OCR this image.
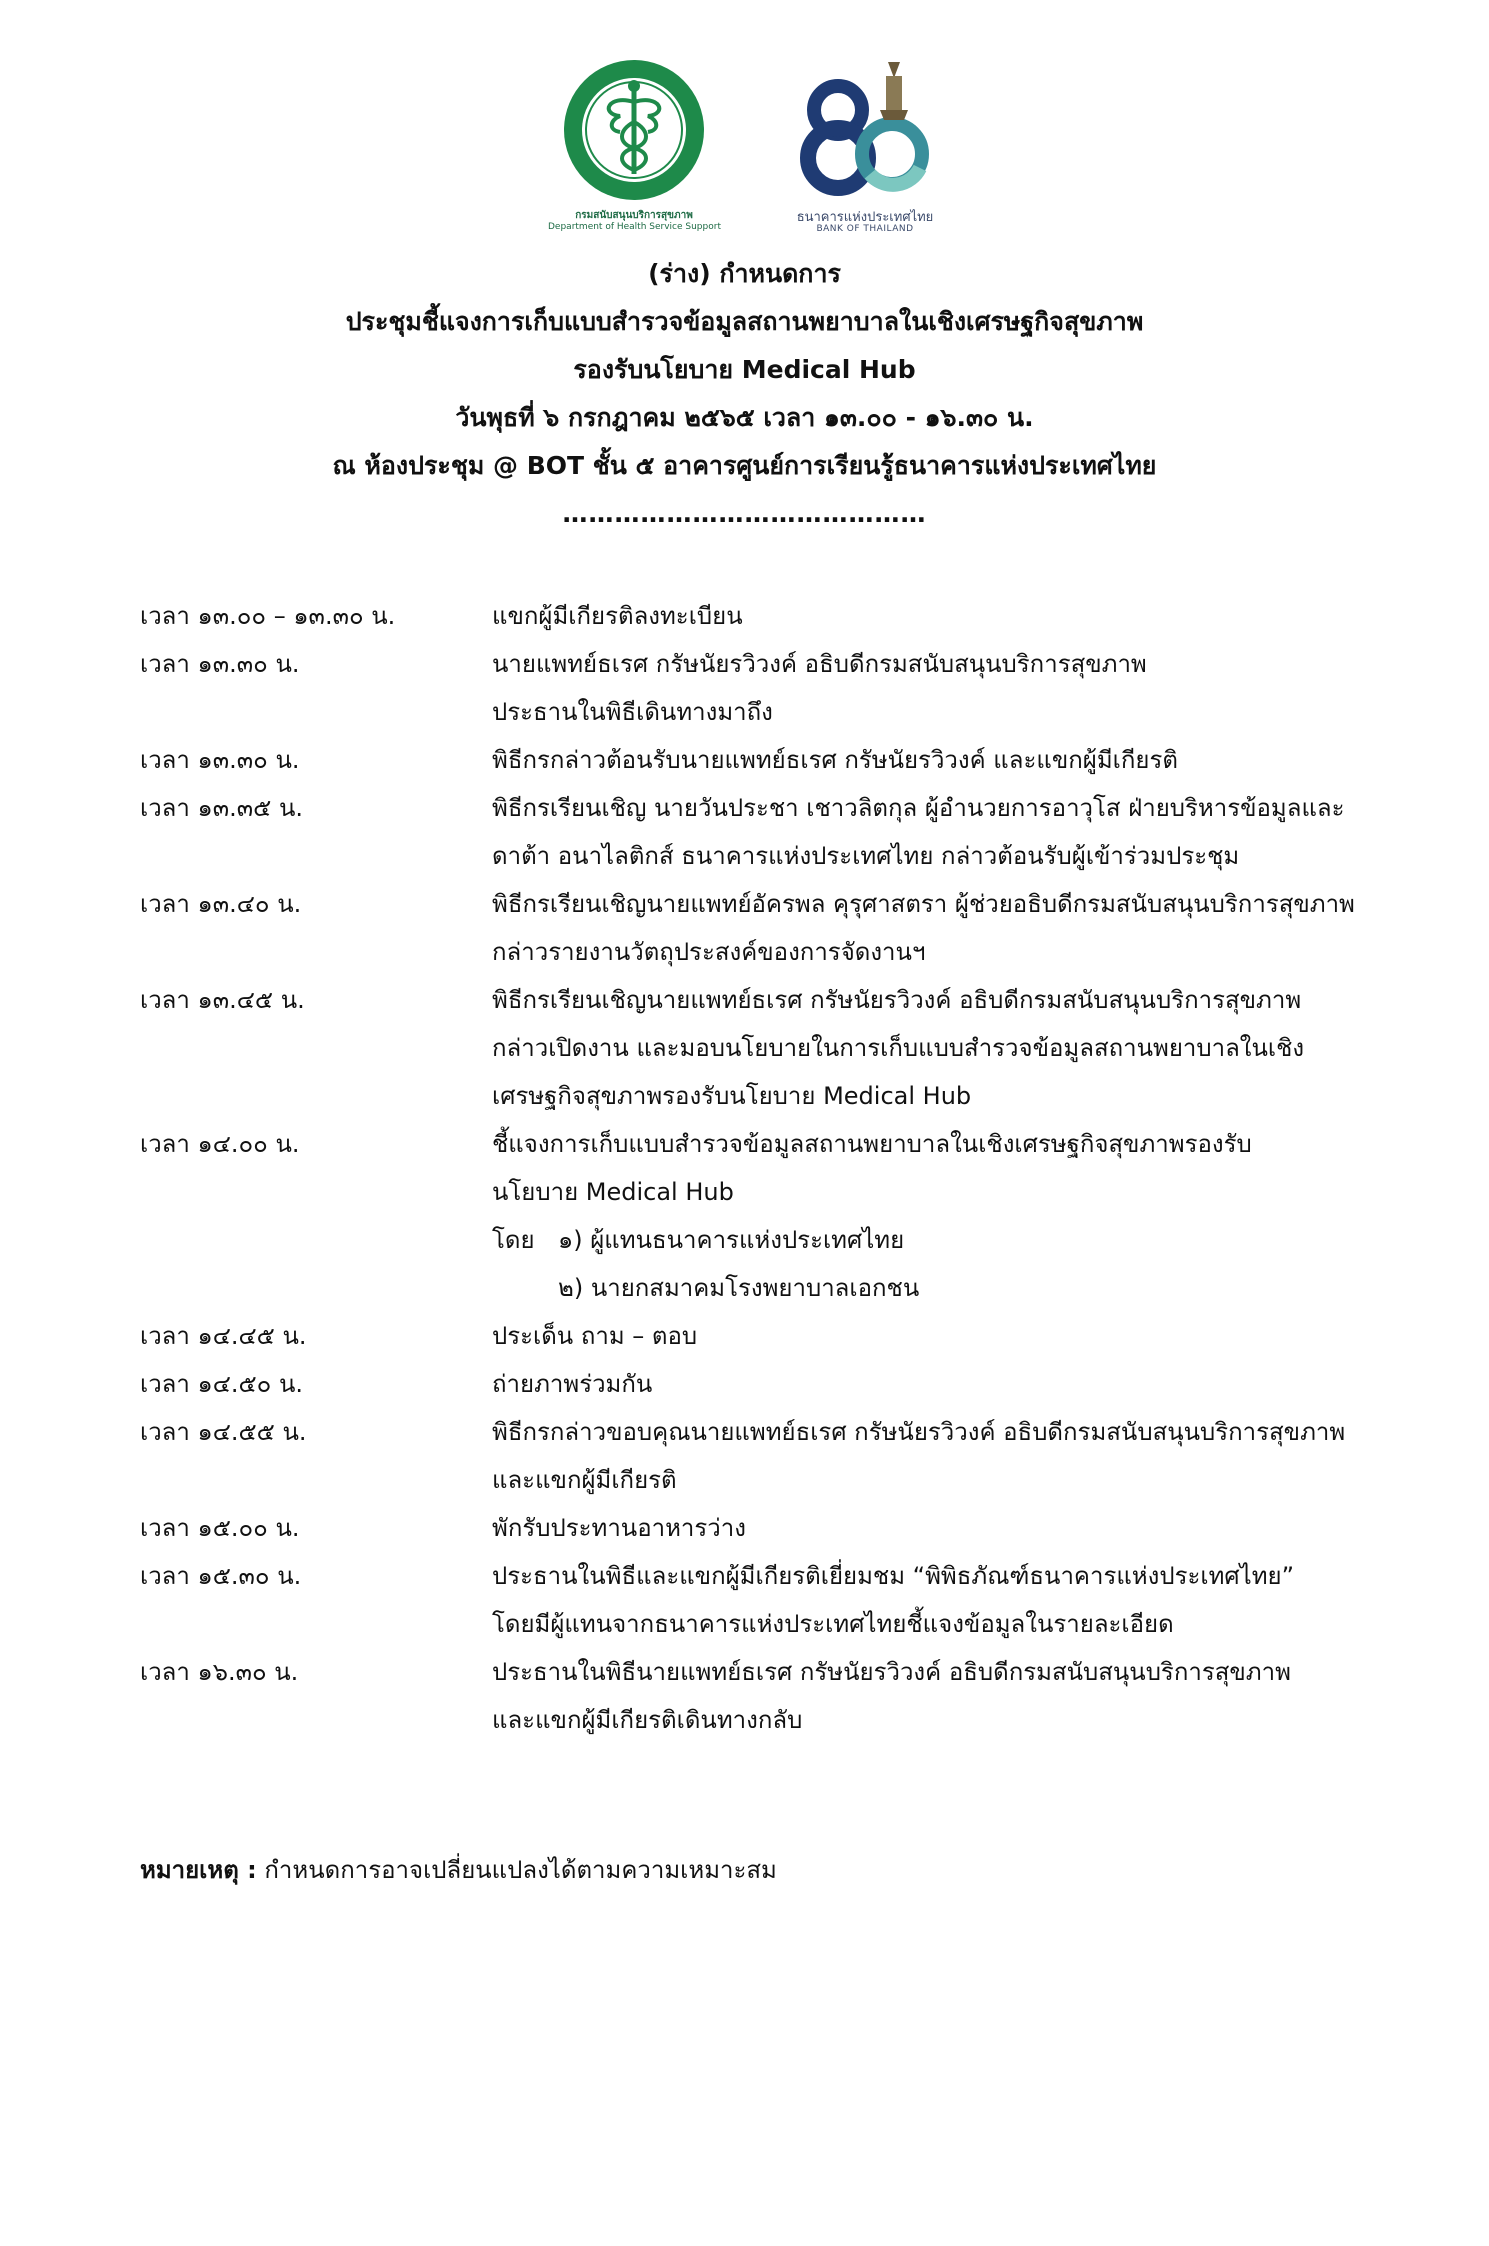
กรมสนับสนุนบริการสุขภาพ
Department of Health Service Support
ธนาคารแห่งประเทศไทย
BANK OF THAILAND
(ร่าง) กำหนดการ
ประชุมชี้แจงการเก็บแบบสำรวจข้อมูลสถานพยาบาลในเชิงเศรษฐกิจสุขภาพ
รองรับนโยบาย Medical Hub
วันพุธที่ ๖ กรกฎาคม ๒๕๖๕ เวลา ๑๓.๐๐ - ๑๖.๓๐ น.
ณ ห้องประชุม @ BOT ชั้น ๕ อาคารศูนย์การเรียนรู้ธนาคารแห่งประเทศไทย
……………………………………
เวลา ๑๓.๐๐ – ๑๓.๓๐ น.	แขกผู้มีเกียรติลงทะเบียน
เวลา ๑๓.๓๐ น.	นายแพทย์ธเรศ กรัษนัยรวิวงค์ อธิบดีกรมสนับสนุนบริการสุขภาพ
ประธานในพิธีเดินทางมาถึง
เวลา ๑๓.๓๐ น.	พิธีกรกล่าวต้อนรับนายแพทย์ธเรศ กรัษนัยรวิวงค์ และแขกผู้มีเกียรติ
เวลา ๑๓.๓๕ น.	พิธีกรเรียนเชิญ นายวันประชา เชาวลิตกุล ผู้อำนวยการอาวุโส ฝ่ายบริหารข้อมูลและ
ดาต้า อนาไลติกส์ ธนาคารแห่งประเทศไทย กล่าวต้อนรับผู้เข้าร่วมประชุม
เวลา ๑๓.๔๐ น.	พิธีกรเรียนเชิญนายแพทย์อัครพล คุรุศาสตรา ผู้ช่วยอธิบดีกรมสนับสนุนบริการสุขภาพ
กล่าวรายงานวัตถุประสงค์ของการจัดงานฯ
เวลา ๑๓.๔๕ น.	พิธีกรเรียนเชิญนายแพทย์ธเรศ กรัษนัยรวิวงค์ อธิบดีกรมสนับสนุนบริการสุขภาพ
กล่าวเปิดงาน และมอบนโยบายในการเก็บแบบสำรวจข้อมูลสถานพยาบาลในเชิง
เศรษฐกิจสุขภาพรองรับนโยบาย Medical Hub
เวลา ๑๔.๐๐ น.	ชี้แจงการเก็บแบบสำรวจข้อมูลสถานพยาบาลในเชิงเศรษฐกิจสุขภาพรองรับ
นโยบาย Medical Hub
โดย ๑) ผู้แทนธนาคารแห่งประเทศไทย
๒) นายกสมาคมโรงพยาบาลเอกชน
เวลา ๑๔.๔๕ น.	ประเด็น ถาม – ตอบ
เวลา ๑๔.๕๐ น.	ถ่ายภาพร่วมกัน
เวลา ๑๔.๕๕ น.	พิธีกรกล่าวขอบคุณนายแพทย์ธเรศ กรัษนัยรวิวงค์ อธิบดีกรมสนับสนุนบริการสุขภาพ
และแขกผู้มีเกียรติ
เวลา ๑๕.๐๐ น.	พักรับประทานอาหารว่าง
เวลา ๑๕.๓๐ น.	ประธานในพิธีและแขกผู้มีเกียรติเยี่ยมชม “พิพิธภัณฑ์ธนาคารแห่งประเทศไทย”
โดยมีผู้แทนจากธนาคารแห่งประเทศไทยชี้แจงข้อมูลในรายละเอียด
เวลา ๑๖.๓๐ น.	ประธานในพิธีนายแพทย์ธเรศ กรัษนัยรวิวงค์ อธิบดีกรมสนับสนุนบริการสุขภาพ
และแขกผู้มีเกียรติเดินทางกลับ
หมายเหตุ : กำหนดการอาจเปลี่ยนแปลงได้ตามความเหมาะสม
